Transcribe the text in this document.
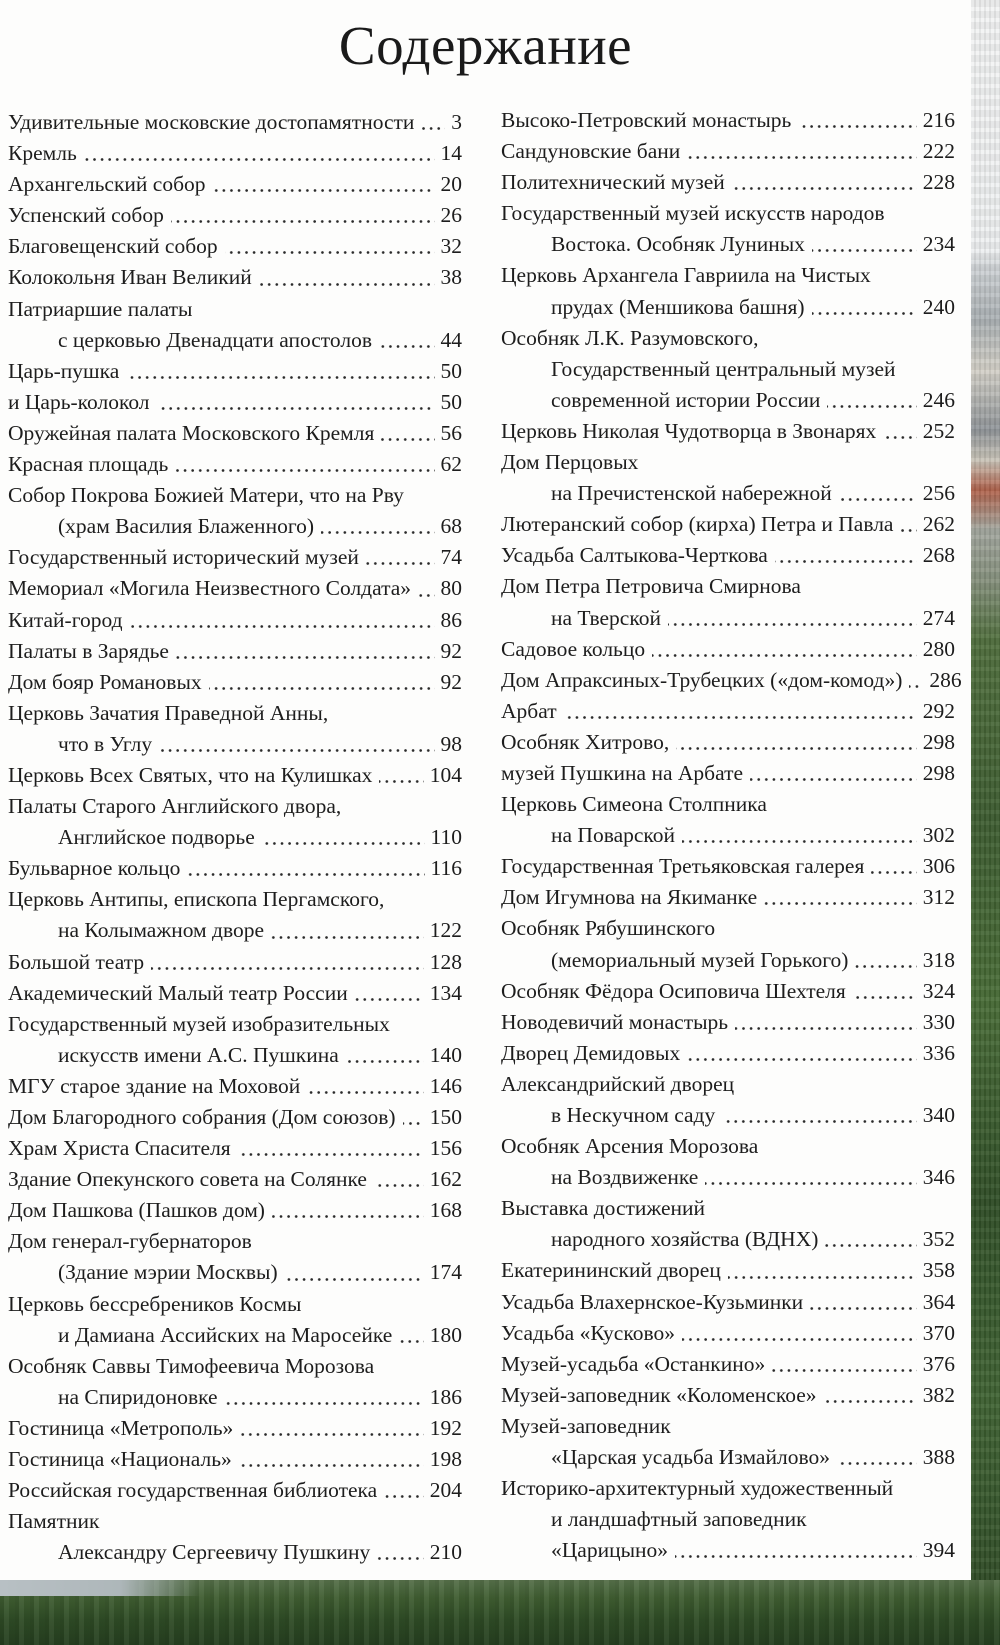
Содержание
Удивительные московские достопамятности 3
Кремль	14
Архангельский собор	20
Успенский собор	26
Благовещенский собор	32
Колокольня Иван Великий	38
Патриаршие палаты
с церковью Двенадцати апостолов	44
Царь-пушка	50
и Царь-колокол	50
Оружейная палата Московского Кремля	56
Красная площадь	62
Собор Покрова Божией Матери, что на Рву
(храм Василия Блаженного)	68
Государственный исторический музей	74
Мемориал «Могила Неизвестного Солдата» 80
Китай-город	86
Палаты в Зарядье	92
Дом бояр Романовых	92
Церковь Зачатия Праведной Анны,
что в Углу	98
Церковь Всех Святых, что на Кулишках	104
Палаты Старого Английского двора,
Английское подворье	110
Бульварное кольцо	116
Церковь Антипы, епископа Пергамского,
на Колымажном дворе	122
Большой театр	128
Академический Малый театр России	134
Государственный музей изобразительных
искусств имени А.С. Пушкина	140
МГУ старое здание на Моховой	146
Дом Благородного собрания (Дом союзов) 150
Храм Христа Спасителя	156
Здание Опекунского совета на Солянке	162
Дом Пашкова (Пашков дом)	168
Дом генерал-губернаторов
(Здание мэрии Москвы)	174
Церковь бессребреников Космы
и Дамиана Ассийских на Маросейке 180
Особняк Саввы Тимофеевича Морозова
на Спиридоновке	186
Гостиница «Метрополь»	192
Гостиница «Националь»	198
Российская государственная библиотека 204
Памятник
Александру Сергеевичу Пушкину	210
Высоко-Петровский монастырь	216
Сандуновские бани	222
Политехнический музей	228
Государственный музей искусств народов
Востока. Особняк Луниных	234
Церковь Архангела Гавриила на Чистых
прудах (Меншикова башня)	240
Особняк Л.К. Разумовского,
Государственный центральный музей
современной истории России	246
Церковь Николая Чудотворца в Звонарях 252
Дом Перцовых
на Пречистенской набережной	256
Лютеранский собор (кирха) Петра и Павла 262
Усадьба Салтыкова-Черткова	268
Дом Петра Петровича Смирнова
на Тверской	274
Садовое кольцо	280
Дом Апраксиных-Трубецких («дом-комод») 286
Арбат	292
Особняк Хитрово,	298
музей Пушкина на Арбате	298
Церковь Симеона Столпника
на Поварской	302
Государственная Третьяковская галерея	306
Дом Игумнова на Якиманке	312
Особняк Рябушинского
(мемориальный музей Горького)	318
Особняк Фёдора Осиповича Шехтеля	324
Новодевичий монастырь	330
Дворец Демидовых	336
Александрийский дворец
в Нескучном саду	340
Особняк Арсения Морозова
на Воздвиженке	346
Выставка достижений
народного хозяйства (ВДНХ)	352
Екатерининский дворец	358
Усадьба Влахернское-Кузьминки	364
Усадьба «Кусково»	370
Музей-усадьба «Останкино»	376
Музей-заповедник «Коломенское»	382
Музей-заповедник
«Царская усадьба Измайлово»	388
Историко-архитектурный художественный
и ландшафтный заповедник
«Царицыно»	394
